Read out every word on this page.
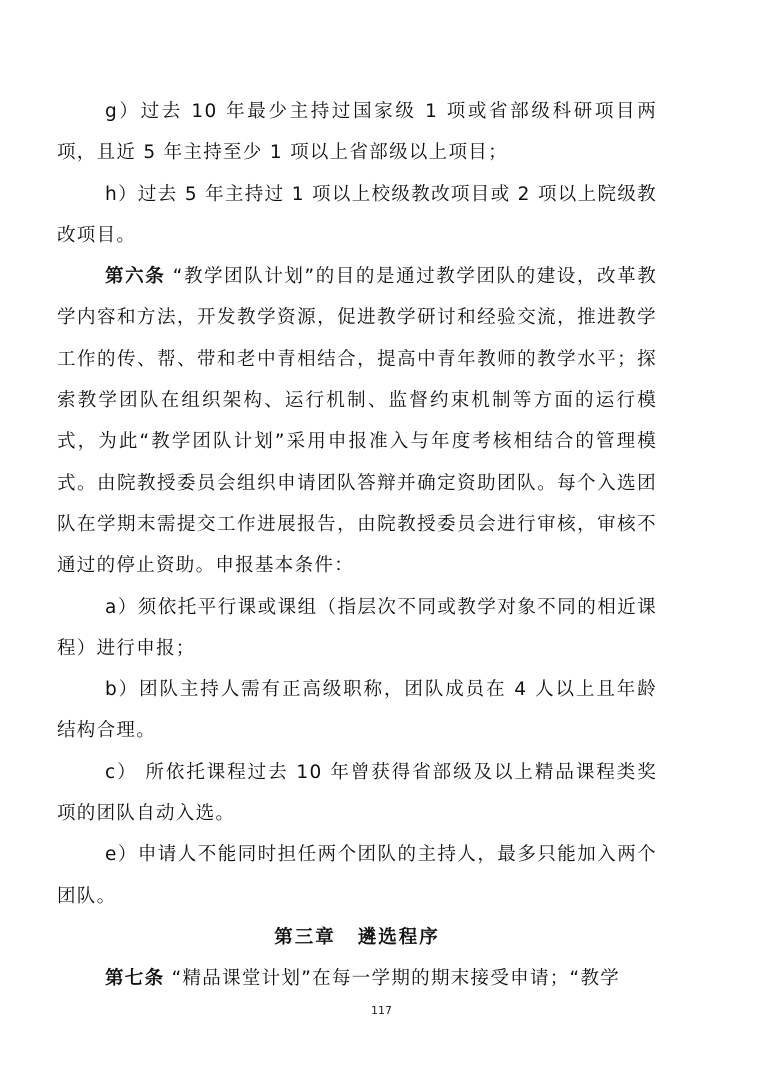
g）过去 10 年最少主持过国家级 1 项或省部级科研项目两项，且近 5 年主持至少 1 项以上省部级以上项目；

h）过去 5 年主持过 1 项以上校级教改项目或 2 项以上院级教改项目。

第六条 “教学团队计划”的目的是通过教学团队的建设，改革教学内容和方法，开发教学资源，促进教学研讨和经验交流，推进教学工作的传、帮、带和老中青相结合，提高中青年教师的教学水平；探索教学团队在组织架构、运行机制、监督约束机制等方面的运行模式，为此“教学团队计划”采用申报准入与年度考核相结合的管理模式。由院教授委员会组织申请团队答辩并确定资助团队。每个入选团队在学期末需提交工作进展报告，由院教授委员会进行审核，审核不通过的停止资助。申报基本条件：

a）须依托平行课或课组（指层次不同或教学对象不同的相近课程）进行申报；

b）团队主持人需有正高级职称，团队成员在 4 人以上且年龄结构合理。

c） 所依托课程过去 10 年曾获得省部级及以上精品课程类奖项的团队自动入选。

e）申请人不能同时担任两个团队的主持人，最多只能加入两个团队。

第三章 遴选程序

第七条 “精品课堂计划”在每一学期的期末接受申请；“教学

117
